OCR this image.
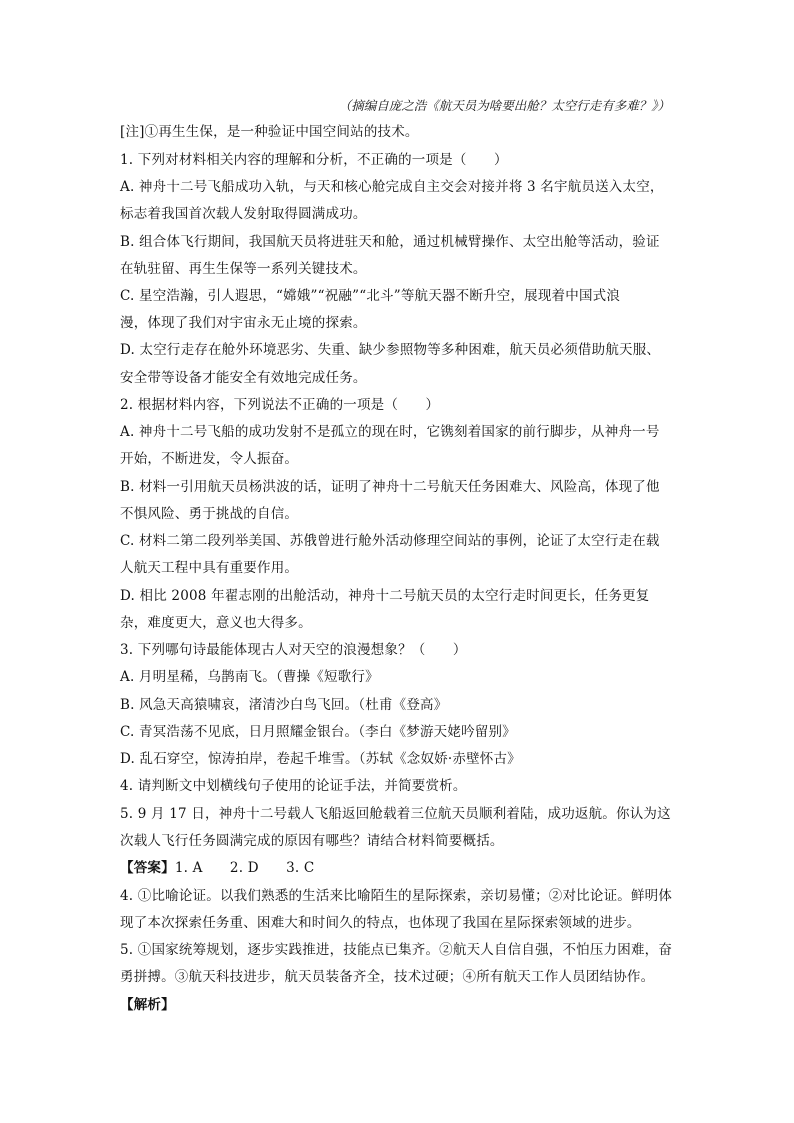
（摘编自庞之浩《航天员为啥要出舱？太空行走有多难？》）
[注]①再生生保，是一种验证中国空间站的技术。
1. 下列对材料相关内容的理解和分析，不正确的一项是（　　）
A. 神舟十二号飞船成功入轨，与天和核心舱完成自主交会对接并将 3 名宇航员送入太空，
标志着我国首次载人发射取得圆满成功。
B. 组合体飞行期间，我国航天员将进驻天和舱，通过机械臂操作、太空出舱等活动，验证
在轨驻留、再生生保等一系列关键技术。
C. 星空浩瀚，引人遐思，“嫦娥”“祝融”“北斗”等航天器不断升空，展现着中国式浪
漫，体现了我们对宇宙永无止境的探索。
D. 太空行走存在舱外环境恶劣、失重、缺少参照物等多种困难，航天员必须借助航天服、
安全带等设备才能安全有效地完成任务。
2. 根据材料内容，下列说法不正确的一项是（　　）
A. 神舟十二号飞船的成功发射不是孤立的现在时，它镌刻着国家的前行脚步，从神舟一号
开始，不断进发，令人振奋。
B. 材料一引用航天员杨洪波的话，证明了神舟十二号航天任务困难大、风险高，体现了他
不惧风险、勇于挑战的自信。
C. 材料二第二段列举美国、苏俄曾进行舱外活动修理空间站的事例，论证了太空行走在载
人航天工程中具有重要作用。
D. 相比 2008 年翟志刚的出舱活动，神舟十二号航天员的太空行走时间更长，任务更复
杂，难度更大，意义也大得多。
3. 下列哪句诗最能体现古人对天空的浪漫想象？（　　）
A. 月明星稀，乌鹊南飞。（曹操《短歌行》
B. 风急天高猿啸哀，渚清沙白鸟飞回。（杜甫《登高》
C. 青冥浩荡不见底，日月照耀金银台。（李白《梦游天姥吟留别》
D. 乱石穿空，惊涛拍岸，卷起千堆雪。（苏轼《念奴娇·赤壁怀古》
4. 请判断文中划横线句子使用的论证手法，并简要赏析。
5. 9 月 17 日，神舟十二号载人飞船返回舱载着三位航天员顺利着陆，成功返航。你认为这
次载人飞行任务圆满完成的原因有哪些？请结合材料简要概括。
【答案】1. A　　2. D　　3. C
4. ①比喻论证。以我们熟悉的生活来比喻陌生的星际探索，亲切易懂；②对比论证。鲜明体
现了本次探索任务重、困难大和时间久的特点，也体现了我国在星际探索领域的进步。
5. ①国家统筹规划，逐步实践推进，技能点已集齐。②航天人自信自强，不怕压力困难，奋
勇拼搏。③航天科技进步，航天员装备齐全，技术过硬；④所有航天工作人员团结协作。
【解析】
